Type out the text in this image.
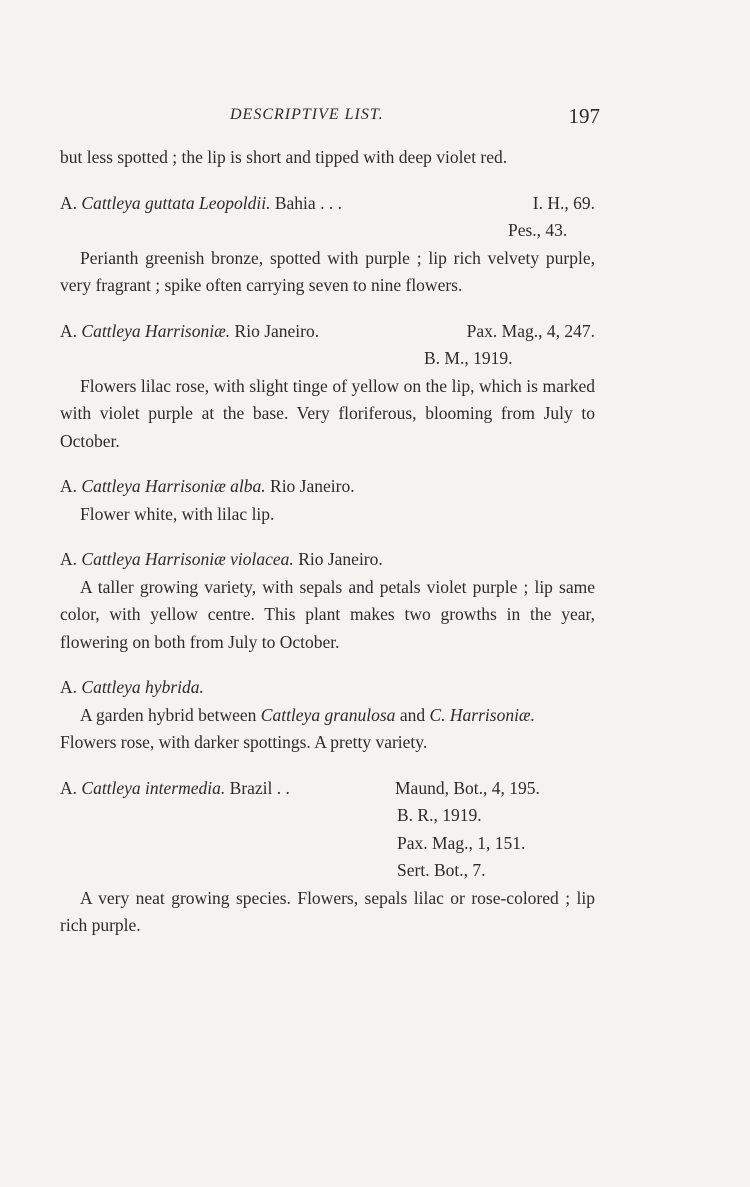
DESCRIPTIVE LIST.	197

but less spotted ; the lip is short and tipped with deep violet red.

A. Cattleya guttata Leopoldii. Bahia . . .	I. H., 69.
Pes., 43.

Perianth greenish bronze, spotted with purple ; lip rich velvety purple, very fragrant ; spike often carrying seven to nine flowers.

A. Cattleya Harrisoniæ. Rio Janeiro.	Pax. Mag., 4, 247.
B. M., 1919.

Flowers lilac rose, with slight tinge of yellow on the lip, which is marked with violet purple at the base. Very floriferous, blooming from July to October.

A. Cattleya Harrisoniæ alba. Rio Janeiro.

Flower white, with lilac lip.

A. Cattleya Harrisoniæ violacea. Rio Janeiro.

A taller growing variety, with sepals and petals violet purple ; lip same color, with yellow centre. This plant makes two growths in the year, flowering on both from July to October.

A. Cattleya hybrida.

A garden hybrid between Cattleya granulosa and C. Harrisoniæ.

Flowers rose, with darker spottings. A pretty variety.

A. Cattleya intermedia. Brazil . .	Maund, Bot., 4, 195.
B. R., 1919.
Pax. Mag., 1, 151.
Sert. Bot., 7.

A very neat growing species. Flowers, sepals lilac or rose-colored ; lip rich purple.
